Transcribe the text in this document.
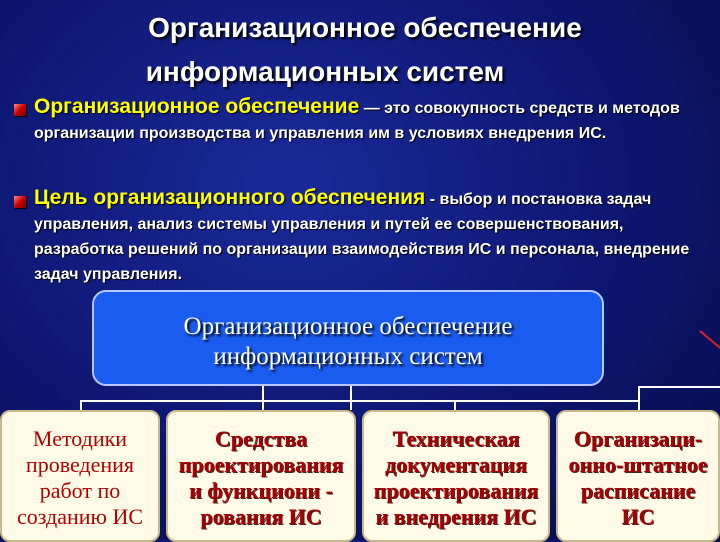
Организационное обеспечение
информационных систем
Организационное обеспечение — это совокупность средств и методов организации производства и управления им в условиях внедрения ИС.
Цель организационного обеспечения - выбор и постановка задач управления, анализ системы управления и путей ее совершенствования, разработка решений по организации взаимодействия ИС и персонала, внедрение задач управления.
Организационное обеспечение
информационных систем
Методики
проведения
работ по
созданию ИС
Средства
проектирования
и функциони -
рования ИС
Техническая
документация
проектирования
и внедрения ИС
Организаци-
онно-штатное
расписание
ИС
